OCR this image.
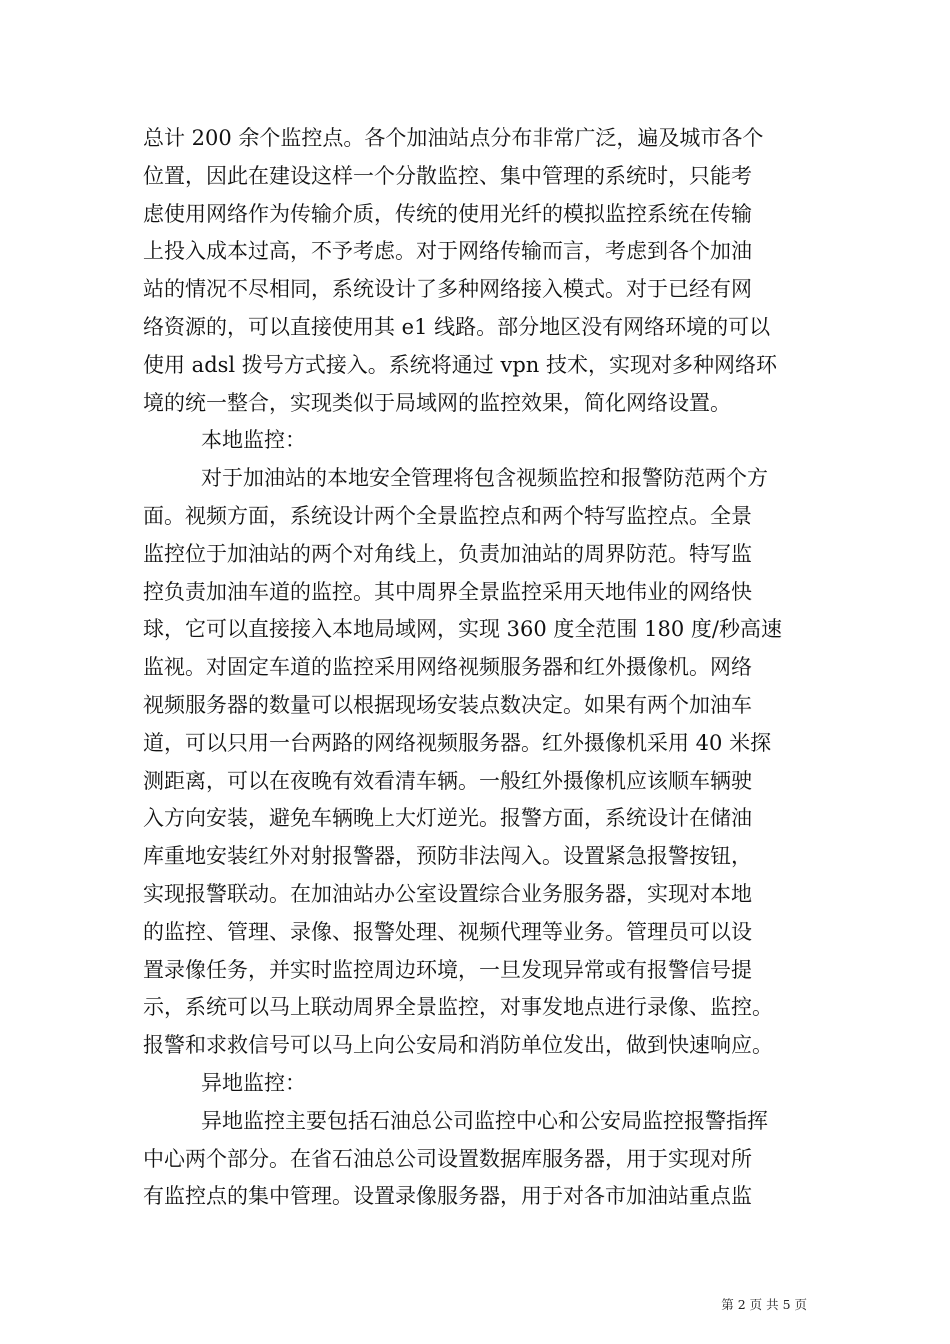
总计 200 余个监控点。各个加油站点分布非常广泛，遍及城市各个
位置，因此在建设这样一个分散监控、集中管理的系统时，只能考
虑使用网络作为传输介质，传统的使用光纤的模拟监控系统在传输
上投入成本过高，不予考虑。对于网络传输而言，考虑到各个加油
站的情况不尽相同，系统设计了多种网络接入模式。对于已经有网
络资源的，可以直接使用其 e1 线路。部分地区没有网络环境的可以
使用 adsl 拨号方式接入。系统将通过 vpn 技术，实现对多种网络环
境的统一整合，实现类似于局域网的监控效果，简化网络设置。
本地监控：
对于加油站的本地安全管理将包含视频监控和报警防范两个方
面。视频方面，系统设计两个全景监控点和两个特写监控点。全景
监控位于加油站的两个对角线上，负责加油站的周界防范。特写监
控负责加油车道的监控。其中周界全景监控采用天地伟业的网络快
球，它可以直接接入本地局域网，实现 360 度全范围 180 度/秒高速
监视。对固定车道的监控采用网络视频服务器和红外摄像机。网络
视频服务器的数量可以根据现场安装点数决定。如果有两个加油车
道，可以只用一台两路的网络视频服务器。红外摄像机采用 40 米探
测距离，可以在夜晚有效看清车辆。一般红外摄像机应该顺车辆驶
入方向安装，避免车辆晚上大灯逆光。报警方面，系统设计在储油
库重地安装红外对射报警器，预防非法闯入。设置紧急报警按钮，
实现报警联动。在加油站办公室设置综合业务服务器，实现对本地
的监控、管理、录像、报警处理、视频代理等业务。管理员可以设
置录像任务，并实时监控周边环境，一旦发现异常或有报警信号提
示，系统可以马上联动周界全景监控，对事发地点进行录像、监控。
报警和求救信号可以马上向公安局和消防单位发出，做到快速响应。
异地监控：
异地监控主要包括石油总公司监控中心和公安局监控报警指挥
中心两个部分。在省石油总公司设置数据库服务器，用于实现对所
有监控点的集中管理。设置录像服务器，用于对各市加油站重点监
第 2 页 共 5 页
